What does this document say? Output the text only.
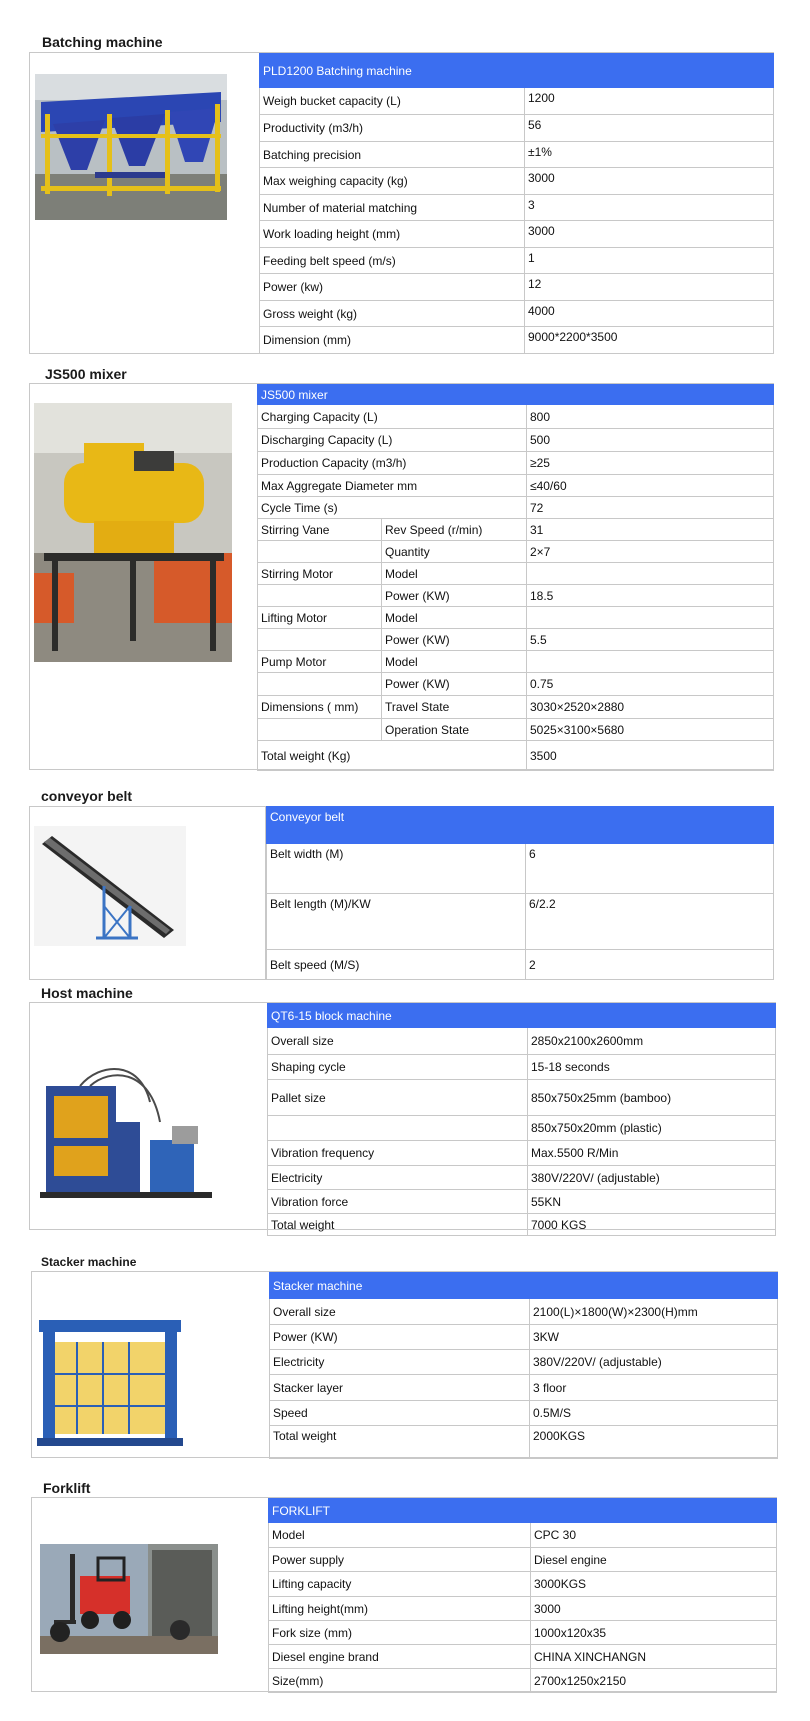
Batching machine
PLD1200 Batching machine	
Weigh bucket capacity (L)	1200
Productivity (m3/h)	56
Batching precision	±1%
Max weighing capacity (kg)	3000
Number of material matching	3
Work loading height (mm)	3000
Feeding belt speed (m/s)	1
Power (kw)	12
Gross weight (kg)	4000
Dimension (mm)	9000*2200*3500
JS500 mixer
JS500 mixer		
Charging Capacity (L)		800
Discharging Capacity (L)		500
Production Capacity (m3/h)		≥25
Max Aggregate Diameter mm		≤40/60
Cycle Time (s)		72
Stirring Vane	Rev Speed (r/min)	31
	Quantity	2×7
Stirring Motor	Model	
	Power (KW)	18.5
Lifting Motor	Model	
	Power (KW)	5.5
Pump Motor	Model	
	Power (KW)	0.75
Dimensions ( mm)	Travel State	3030×2520×2880
	Operation State	5025×3100×5680
Total weight (Kg)		3500
conveyor belt
Conveyor belt	
Belt width (M)	6
Belt length (M)/KW	6/2.2
Belt speed (M/S)	2
Host machine
QT6-15 block machine	
Overall size	2850x2100x2600mm
Shaping cycle	15-18 seconds
Pallet size	850x750x25mm (bamboo)
	850x750x20mm (plastic)
Vibration frequency	Max.5500 R/Min
Electricity	380V/220V/ (adjustable)
Vibration force	55KN
Total weight	7000 KGS
Stacker machine
Stacker machine	
Overall size	2100(L)×1800(W)×2300(H)mm
Power (KW)	3KW
Electricity	380V/220V/ (adjustable)
Stacker layer	3 floor
Speed	0.5M/S
Total weight	2000KGS
Forklift
FORKLIFT	
Model	CPC 30
Power supply	Diesel engine
Lifting capacity	3000KGS
Lifting height(mm)	3000
Fork size (mm)	1000x120x35
Diesel engine brand	CHINA XINCHANGN
Size(mm)	2700x1250x2150
